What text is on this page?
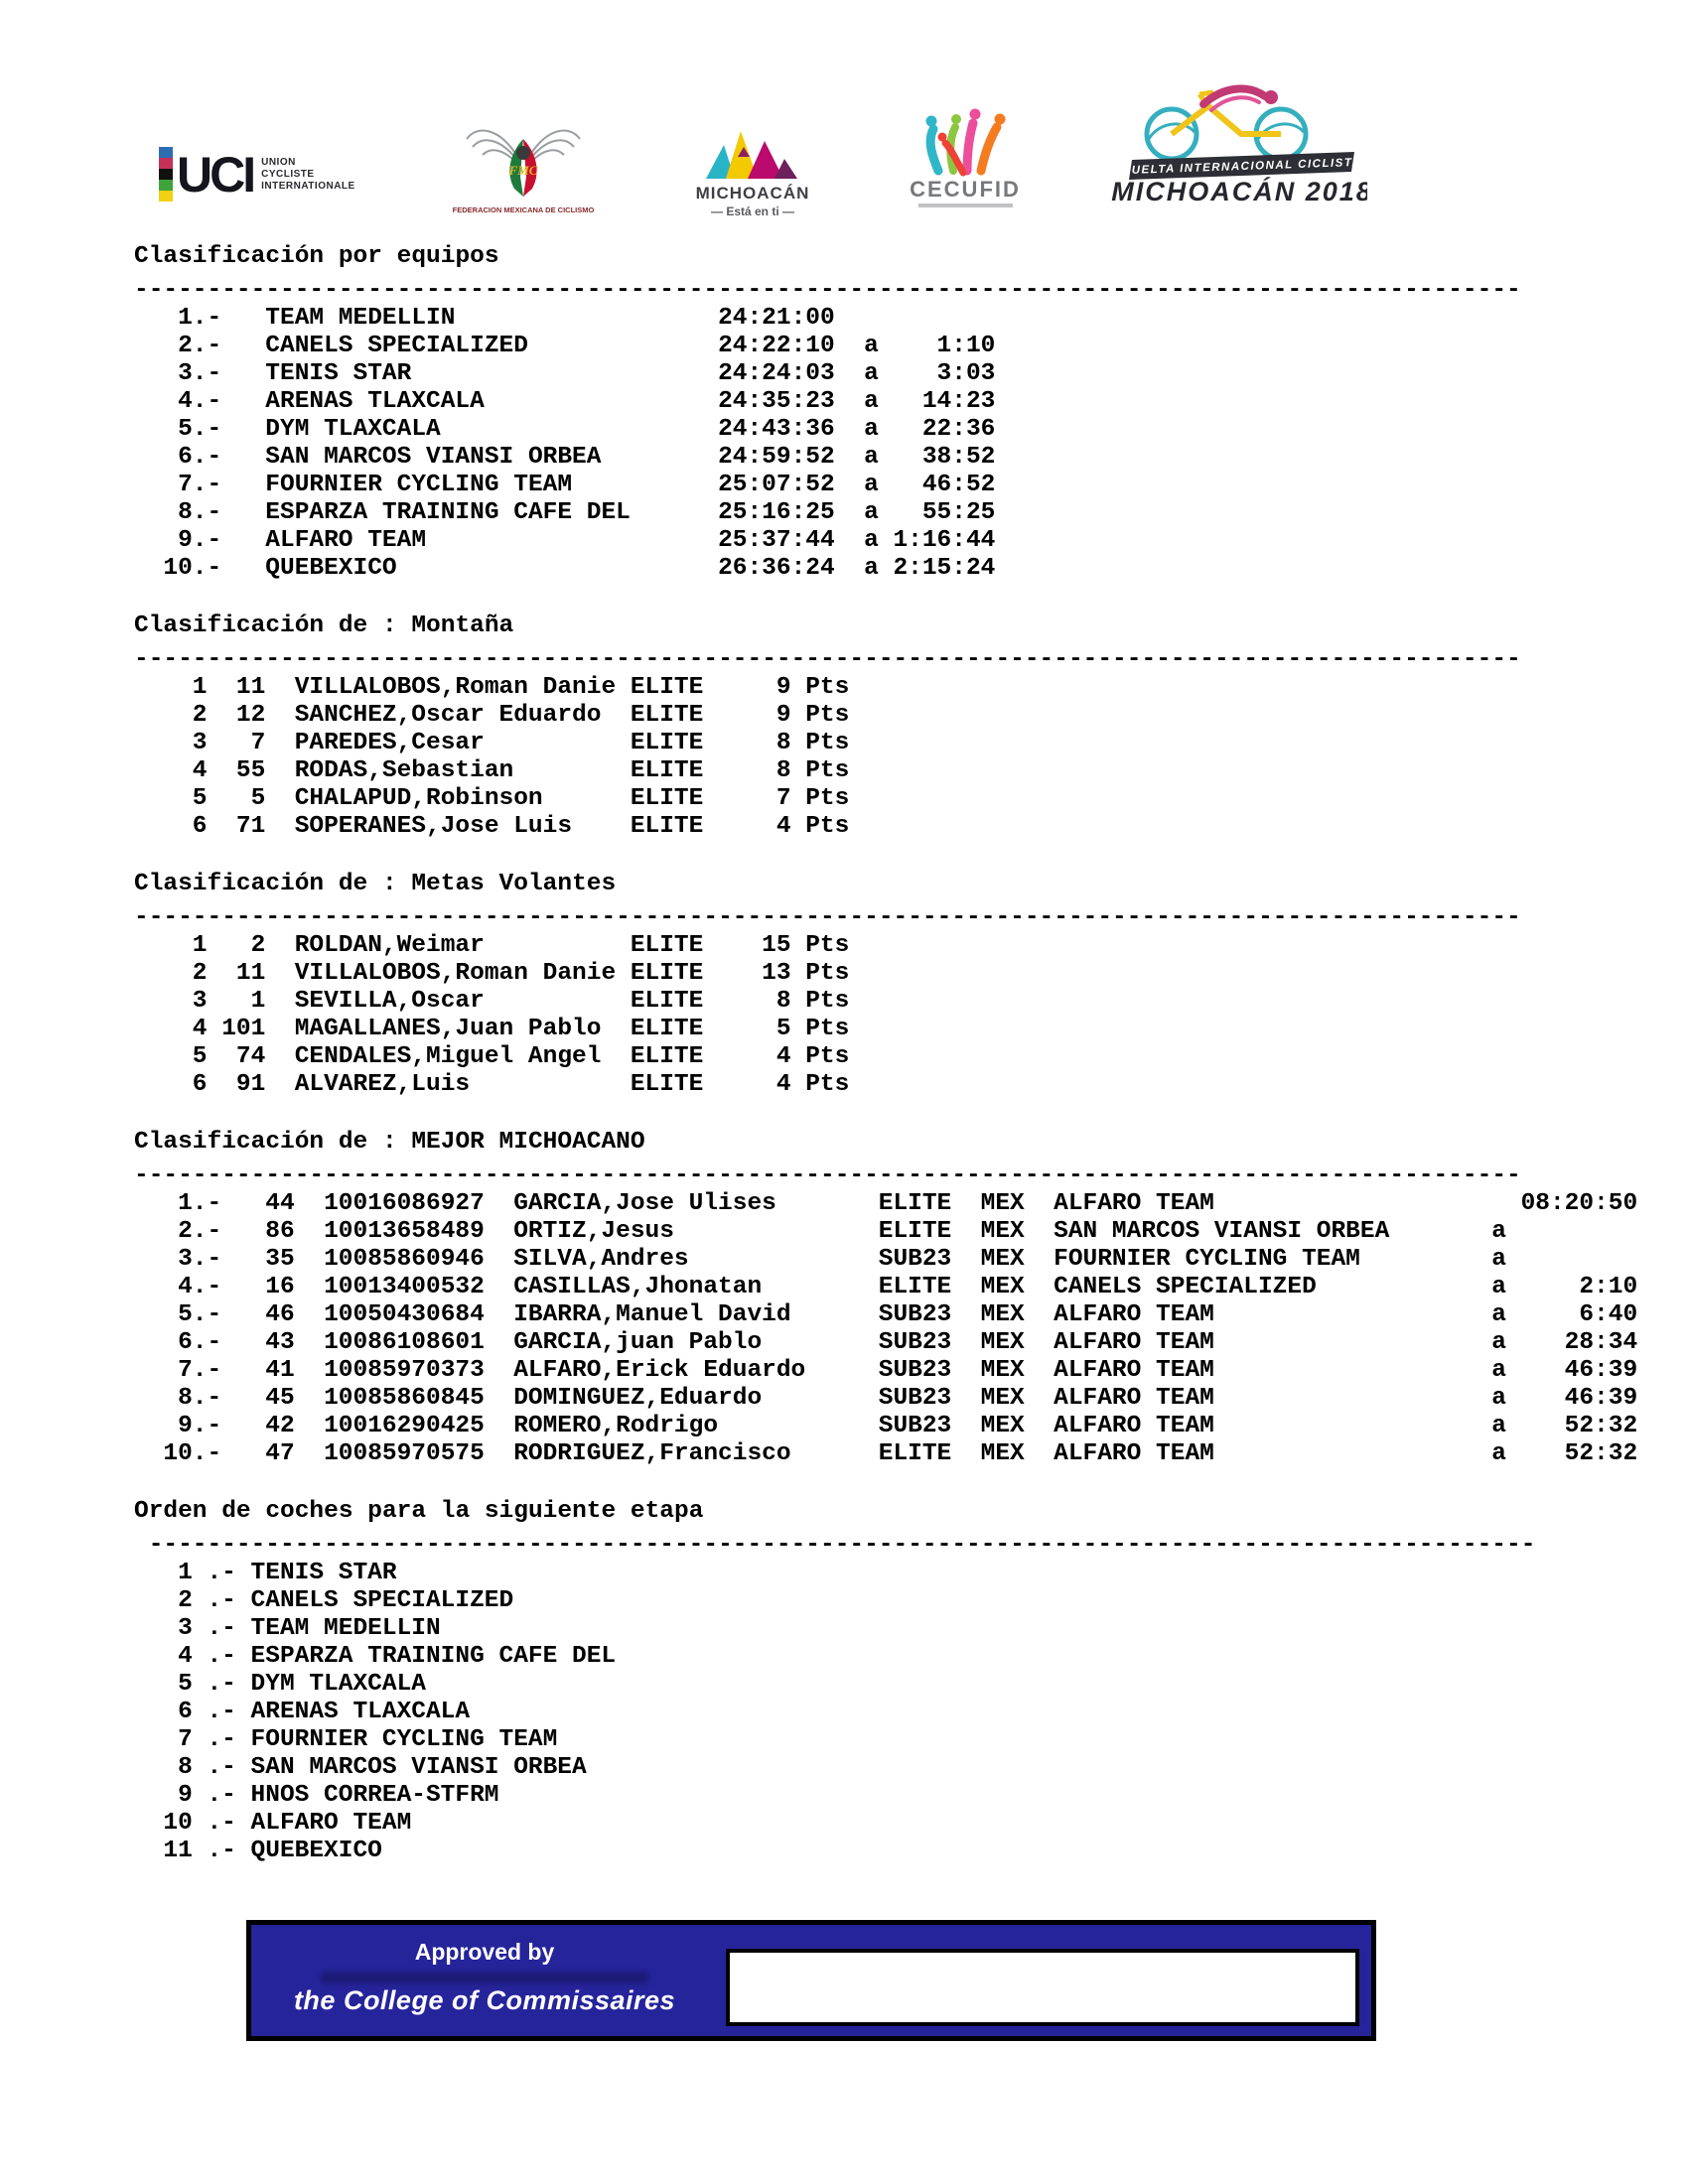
UCI UNION
CYCLISTE
INTERNATIONALE
FMC
FEDERACION MEXICANA DE CICLISMO
MICHOACÁN
— Está en ti —
CECUFID
VUELTA INTERNACIONAL CICLISTA
MICHOACÁN 2018
Clasificación por equipos
-----------------------------------------------------------------------------------------------
1.- TEAM MEDELLIN	24:21:00
2.- CANELS SPECIALIZED	24:22:10 a 1:10
3.- TENIS STAR	24:24:03 a 3:03
4.- ARENAS TLAXCALA	24:35:23 a 14:23
5.- DYM TLAXCALA	24:43:36 a 22:36
6.- SAN MARCOS VIANSI ORBEA	24:59:52 a 38:52
7.- FOURNIER CYCLING TEAM	25:07:52 a 46:52
8.- ESPARZA TRAINING CAFE DEL	25:16:25 a 55:25
9.- ALFARO TEAM	25:37:44 a 1:16:44
10.- QUEBEXICO	26:36:24 a 2:15:24
Clasificación de : Montaña
-----------------------------------------------------------------------------------------------
1 11 VILLALOBOS,Roman Danie ELITE	9 Pts
2 12 SANCHEZ,Oscar Eduardo ELITE	9 Pts
3 7 PAREDES,Cesar	ELITE	8 Pts
4 55 RODAS,Sebastian	ELITE	8 Pts
5 5 CHALAPUD,Robinson	ELITE	7 Pts
6 71 SOPERANES,Jose Luis ELITE	4 Pts
Clasificación de : Metas Volantes
-----------------------------------------------------------------------------------------------
1 2 ROLDAN,Weimar	ELITE 15 Pts
2 11 VILLALOBOS,Roman Danie ELITE 13 Pts
3 1 SEVILLA,Oscar	ELITE	8 Pts
4 101 MAGALLANES,Juan Pablo ELITE	5 Pts
5 74 CENDALES,Miguel Angel ELITE	4 Pts
6 91 ALVAREZ,Luis	ELITE	4 Pts
Clasificación de : MEJOR MICHOACANO
-----------------------------------------------------------------------------------------------
1.- 44 10016086927 GARCIA,Jose Ulises	ELITE MEX ALFARO TEAM	08:20:50
2.- 86 10013658489 ORTIZ,Jesus	ELITE MEX SAN MARCOS VIANSI ORBEA	a
3.- 35 10085860946 SILVA,Andres	SUB23 MEX FOURNIER CYCLING TEAM	a
4.- 16 10013400532 CASILLAS,Jhonatan	ELITE MEX CANELS SPECIALIZED	a	2:10
5.- 46 10050430684 IBARRA,Manuel David	SUB23 MEX ALFARO TEAM	a	6:40
6.- 43 10086108601 GARCIA,juan Pablo	SUB23 MEX ALFARO TEAM	a 28:34
7.- 41 10085970373 ALFARO,Erick Eduardo	SUB23 MEX ALFARO TEAM	a 46:39
8.- 45 10085860845 DOMINGUEZ,Eduardo	SUB23 MEX ALFARO TEAM	a 46:39
9.- 42 10016290425 ROMERO,Rodrigo	SUB23 MEX ALFARO TEAM	a 52:32
10.- 47 10085970575 RODRIGUEZ,Francisco	ELITE MEX ALFARO TEAM	a 52:32
Orden de coches para la siguiente etapa
-----------------------------------------------------------------------------------------------
1 .- TENIS STAR
2 .- CANELS SPECIALIZED
3 .- TEAM MEDELLIN
4 .- ESPARZA TRAINING CAFE DEL
5 .- DYM TLAXCALA
6 .- ARENAS TLAXCALA
7 .- FOURNIER CYCLING TEAM
8 .- SAN MARCOS VIANSI ORBEA
9 .- HNOS CORREA-STFRM
10 .- ALFARO TEAM
11 .- QUEBEXICO
Approved by
the College of Commissaires
